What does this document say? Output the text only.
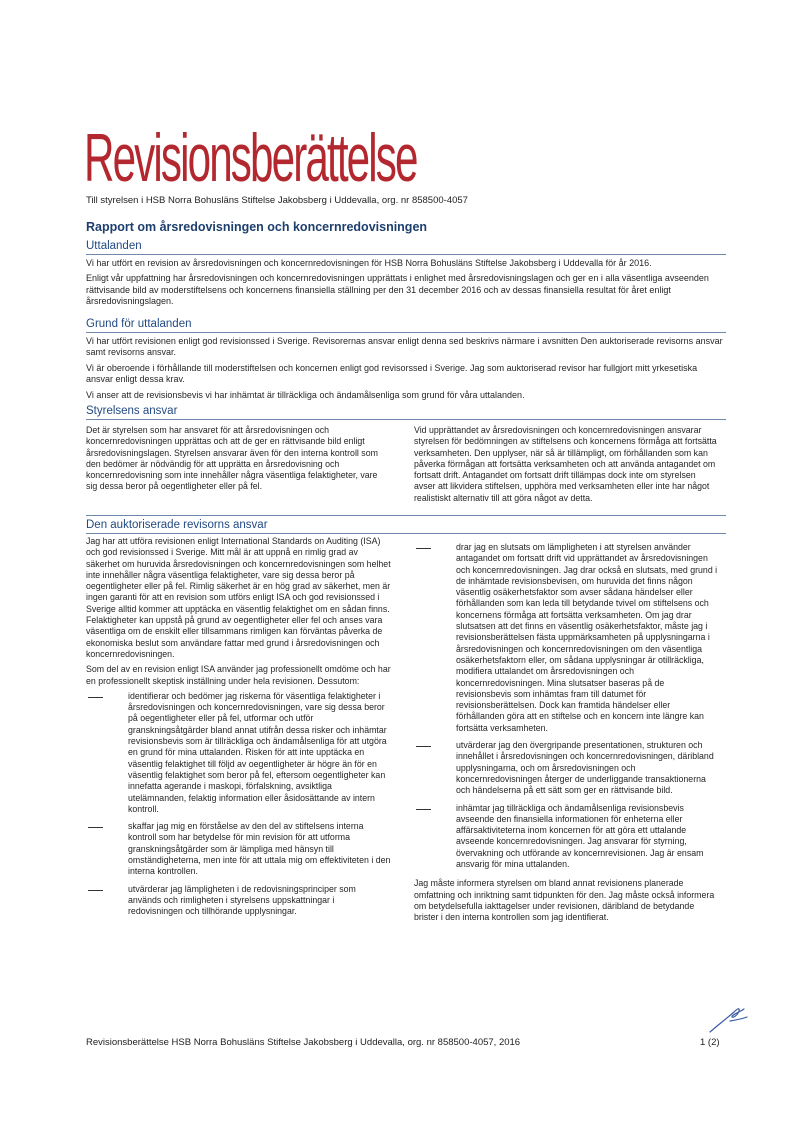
Revisionsberättelse
Till styrelsen i HSB Norra Bohusläns Stiftelse Jakobsberg i Uddevalla, org. nr 858500-4057
Rapport om årsredovisningen och koncernredovisningen
Uttalanden

Vi har utfört en revision av årsredovisningen och koncernredovisningen för HSB Norra Bohusläns Stiftelse Jakobsberg i Uddevalla för år 2016.

Enligt vår uppfattning har årsredovisningen och koncernredovisningen upprättats i enlighet med årsredovisningslagen och ger en i alla väsentliga avseenden rättvisande bild av moderstiftelsens och koncernens finansiella ställning per den 31 december 2016 och av dessas finansiella resultat för året enligt årsredovisningslagen.

Grund för uttalanden

Vi har utfört revisionen enligt god revisionssed i Sverige. Revisorernas ansvar enligt denna sed beskrivs närmare i avsnitten Den auktoriserade revisorns ansvar samt revisorns ansvar.

Vi är oberoende i förhållande till moderstiftelsen och koncernen enligt god revisorssed i Sverige. Jag som auktoriserad revisor har fullgjort mitt yrkesetiska ansvar enligt dessa krav.

Vi anser att de revisionsbevis vi har inhämtat är tillräckliga och ändamålsenliga som grund för våra uttalanden.

Styrelsens ansvar

Det är styrelsen som har ansvaret för att årsredovisningen och koncernredovisningen upprättas och att de ger en rättvisande bild enligt årsredovisningslagen. Styrelsen ansvarar även för den interna kontroll som den bedömer är nödvändig för att upprätta en årsredovisning och koncernredovisning som inte innehåller några väsentliga felaktigheter, vare sig dessa beror på oegentligheter eller på fel.

Vid upprättandet av årsredovisningen och koncernredovisningen ansvarar styrelsen för bedömningen av stiftelsens och koncernens förmåga att fortsätta verksamheten. Den upplyser, när så är tillämpligt, om förhållanden som kan påverka förmågan att fortsätta verksamheten och att använda antagandet om fortsatt drift. Antagandet om fortsatt drift tillämpas dock inte om styrelsen avser att likvidera stiftelsen, upphöra med verksamheten eller inte har något realistiskt alternativ till att göra något av detta.

Den auktoriserade revisorns ansvar

Jag har att utföra revisionen enligt International Standards on Auditing (ISA) och god revisionssed i Sverige. Mitt mål är att uppnå en rimlig grad av säkerhet om huruvida årsredovisningen och koncernredovisningen som helhet inte innehåller några väsentliga felaktigheter, vare sig dessa beror på oegentligheter eller på fel. Rimlig säkerhet är en hög grad av säkerhet, men är ingen garanti för att en revision som utförs enligt ISA och god revisionssed i Sverige alltid kommer att upptäcka en väsentlig felaktighet om en sådan finns. Felaktigheter kan uppstå på grund av oegentligheter eller fel och anses vara väsentliga om de enskilt eller tillsammans rimligen kan förväntas påverka de ekonomiska beslut som användare fattar med grund i årsredovisningen och koncernredovisningen.

Som del av en revision enligt ISA använder jag professionellt omdöme och har en professionellt skeptisk inställning under hela revisionen. Dessutom:

identifierar och bedömer jag riskerna för väsentliga felaktigheter i årsredovisningen och koncernredovisningen, vare sig dessa beror på oegentligheter eller på fel, utformar och utför granskningsåtgärder bland annat utifrån dessa risker och inhämtar revisionsbevis som är tillräckliga och ändamålsenliga för att utgöra en grund för mina uttalanden. Risken för att inte upptäcka en väsentlig felaktighet till följd av oegentligheter är högre än för en väsentlig felaktighet som beror på fel, eftersom oegentligheter kan innefatta agerande i maskopi, förfalskning, avsiktliga utelämnanden, felaktig information eller åsidosättande av intern kontroll.
skaffar jag mig en förståelse av den del av stiftelsens interna kontroll som har betydelse för min revision för att utforma granskningsåtgärder som är lämpliga med hänsyn till omständigheterna, men inte för att uttala mig om effektiviteten i den interna kontrollen.
utvärderar jag lämpligheten i de redovisningsprinciper som används och rimligheten i styrelsens uppskattningar i redovisningen och tillhörande upplysningar.
drar jag en slutsats om lämpligheten i att styrelsen använder antagandet om fortsatt drift vid upprättandet av årsredovisningen och koncernredovisningen. Jag drar också en slutsats, med grund i de inhämtade revisionsbevisen, om huruvida det finns någon väsentlig osäkerhetsfaktor som avser sådana händelser eller förhållanden som kan leda till betydande tvivel om stiftelsens och koncernens förmåga att fortsätta verksamheten. Om jag drar slutsatsen att det finns en väsentlig osäkerhetsfaktor, måste jag i revisionsberättelsen fästa uppmärksamheten på upplysningarna i årsredovisningen och koncernredovisningen om den väsentliga osäkerhetsfaktorn eller, om sådana upplysningar är otillräckliga, modifiera uttalandet om årsredovisningen och koncernredovisningen. Mina slutsatser baseras på de revisionsbevis som inhämtas fram till datumet för revisionsberättelsen. Dock kan framtida händelser eller förhållanden göra att en stiftelse och en koncern inte längre kan fortsätta verksamheten.
utvärderar jag den övergripande presentationen, strukturen och innehållet i årsredovisningen och koncernredovisningen, däribland upplysningarna, och om årsredovisningen och koncernredovisningen återger de underliggande transaktionerna och händelserna på ett sätt som ger en rättvisande bild.
inhämtar jag tillräckliga och ändamålsenliga revisionsbevis avseende den finansiella informationen för enheterna eller affärsaktiviteterna inom koncernen för att göra ett uttalande avseende koncernredovisningen. Jag ansvarar för styrning, övervakning och utförande av koncernrevisionen. Jag är ensam ansvarig för mina uttalanden.

Jag måste informera styrelsen om bland annat revisionens planerade omfattning och inriktning samt tidpunkten för den. Jag måste också informera om betydelsefulla iakttagelser under revisionen, däribland de betydande brister i den interna kontrollen som jag identifierat.

Revisionsberättelse HSB Norra Bohusläns Stiftelse Jakobsberg i Uddevalla, org. nr 858500-4057, 2016	1 (2)
